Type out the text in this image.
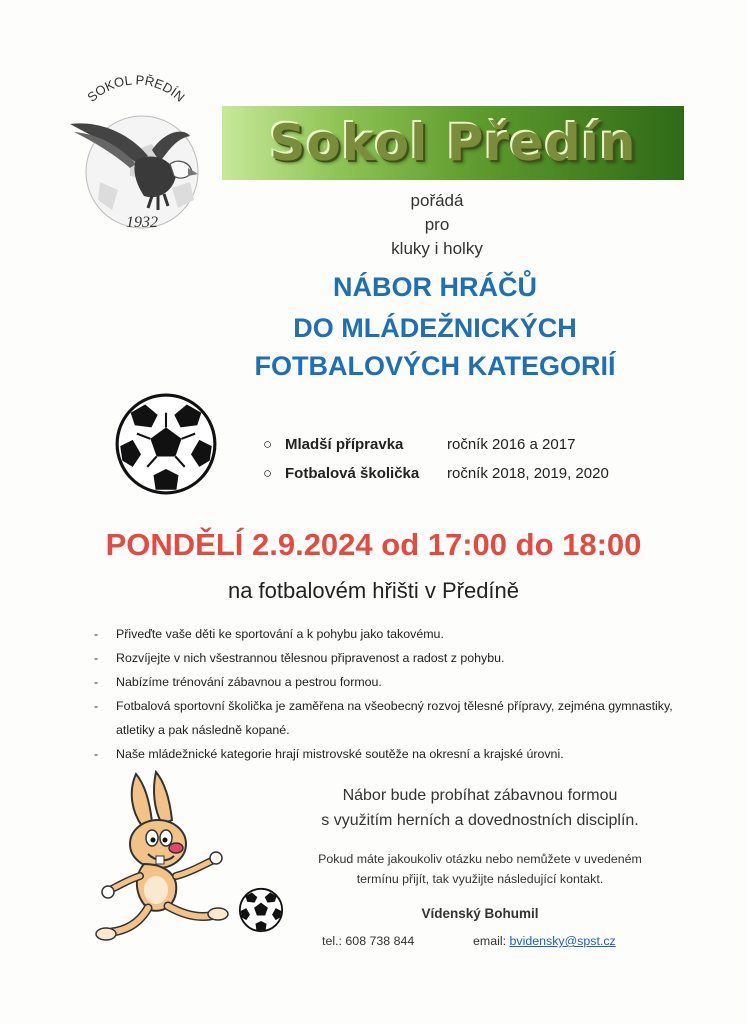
SOKOL PŘEDÍN
1932
Sokol Předín
pořádá
pro
kluky i holky
NÁBOR HRÁČŮ
DO MLÁDEŽNICKÝCH
FOTBALOVÝCH KATEGORIÍ
○ Mladší přípravka	ročník 2016 a 2017
○ Fotbalová školička ročník 2018, 2019, 2020
PONDĚLÍ 2.9.2024 od 17:00 do 18:00
na fotbalovém hřišti v Předíně
- Přiveďte vaše děti ke sportování a k pohybu jako takovému.
- Rozvíjejte v nich všestrannou tělesnou připravenost a radost z pohybu.
- Nabízíme trénování zábavnou a pestrou formou.
- Fotbalová sportovní školička je zaměřena na všeobecný rozvoj tělesné přípravy, zejména gymnastiky, atletiky a pak následně kopané.
- Naše mládežnické kategorie hrají mistrovské soutěže na okresní a krajské úrovni.
Nábor bude probíhat zábavnou formou
s využitím herních a dovednostních disciplín.
Pokud máte jakoukoliv otázku nebo nemůžete v uvedeném
termínu přijít, tak využijte následující kontakt.
Vídenský Bohumil
tel.: 608 738 844	email: bvidensky@spst.cz
